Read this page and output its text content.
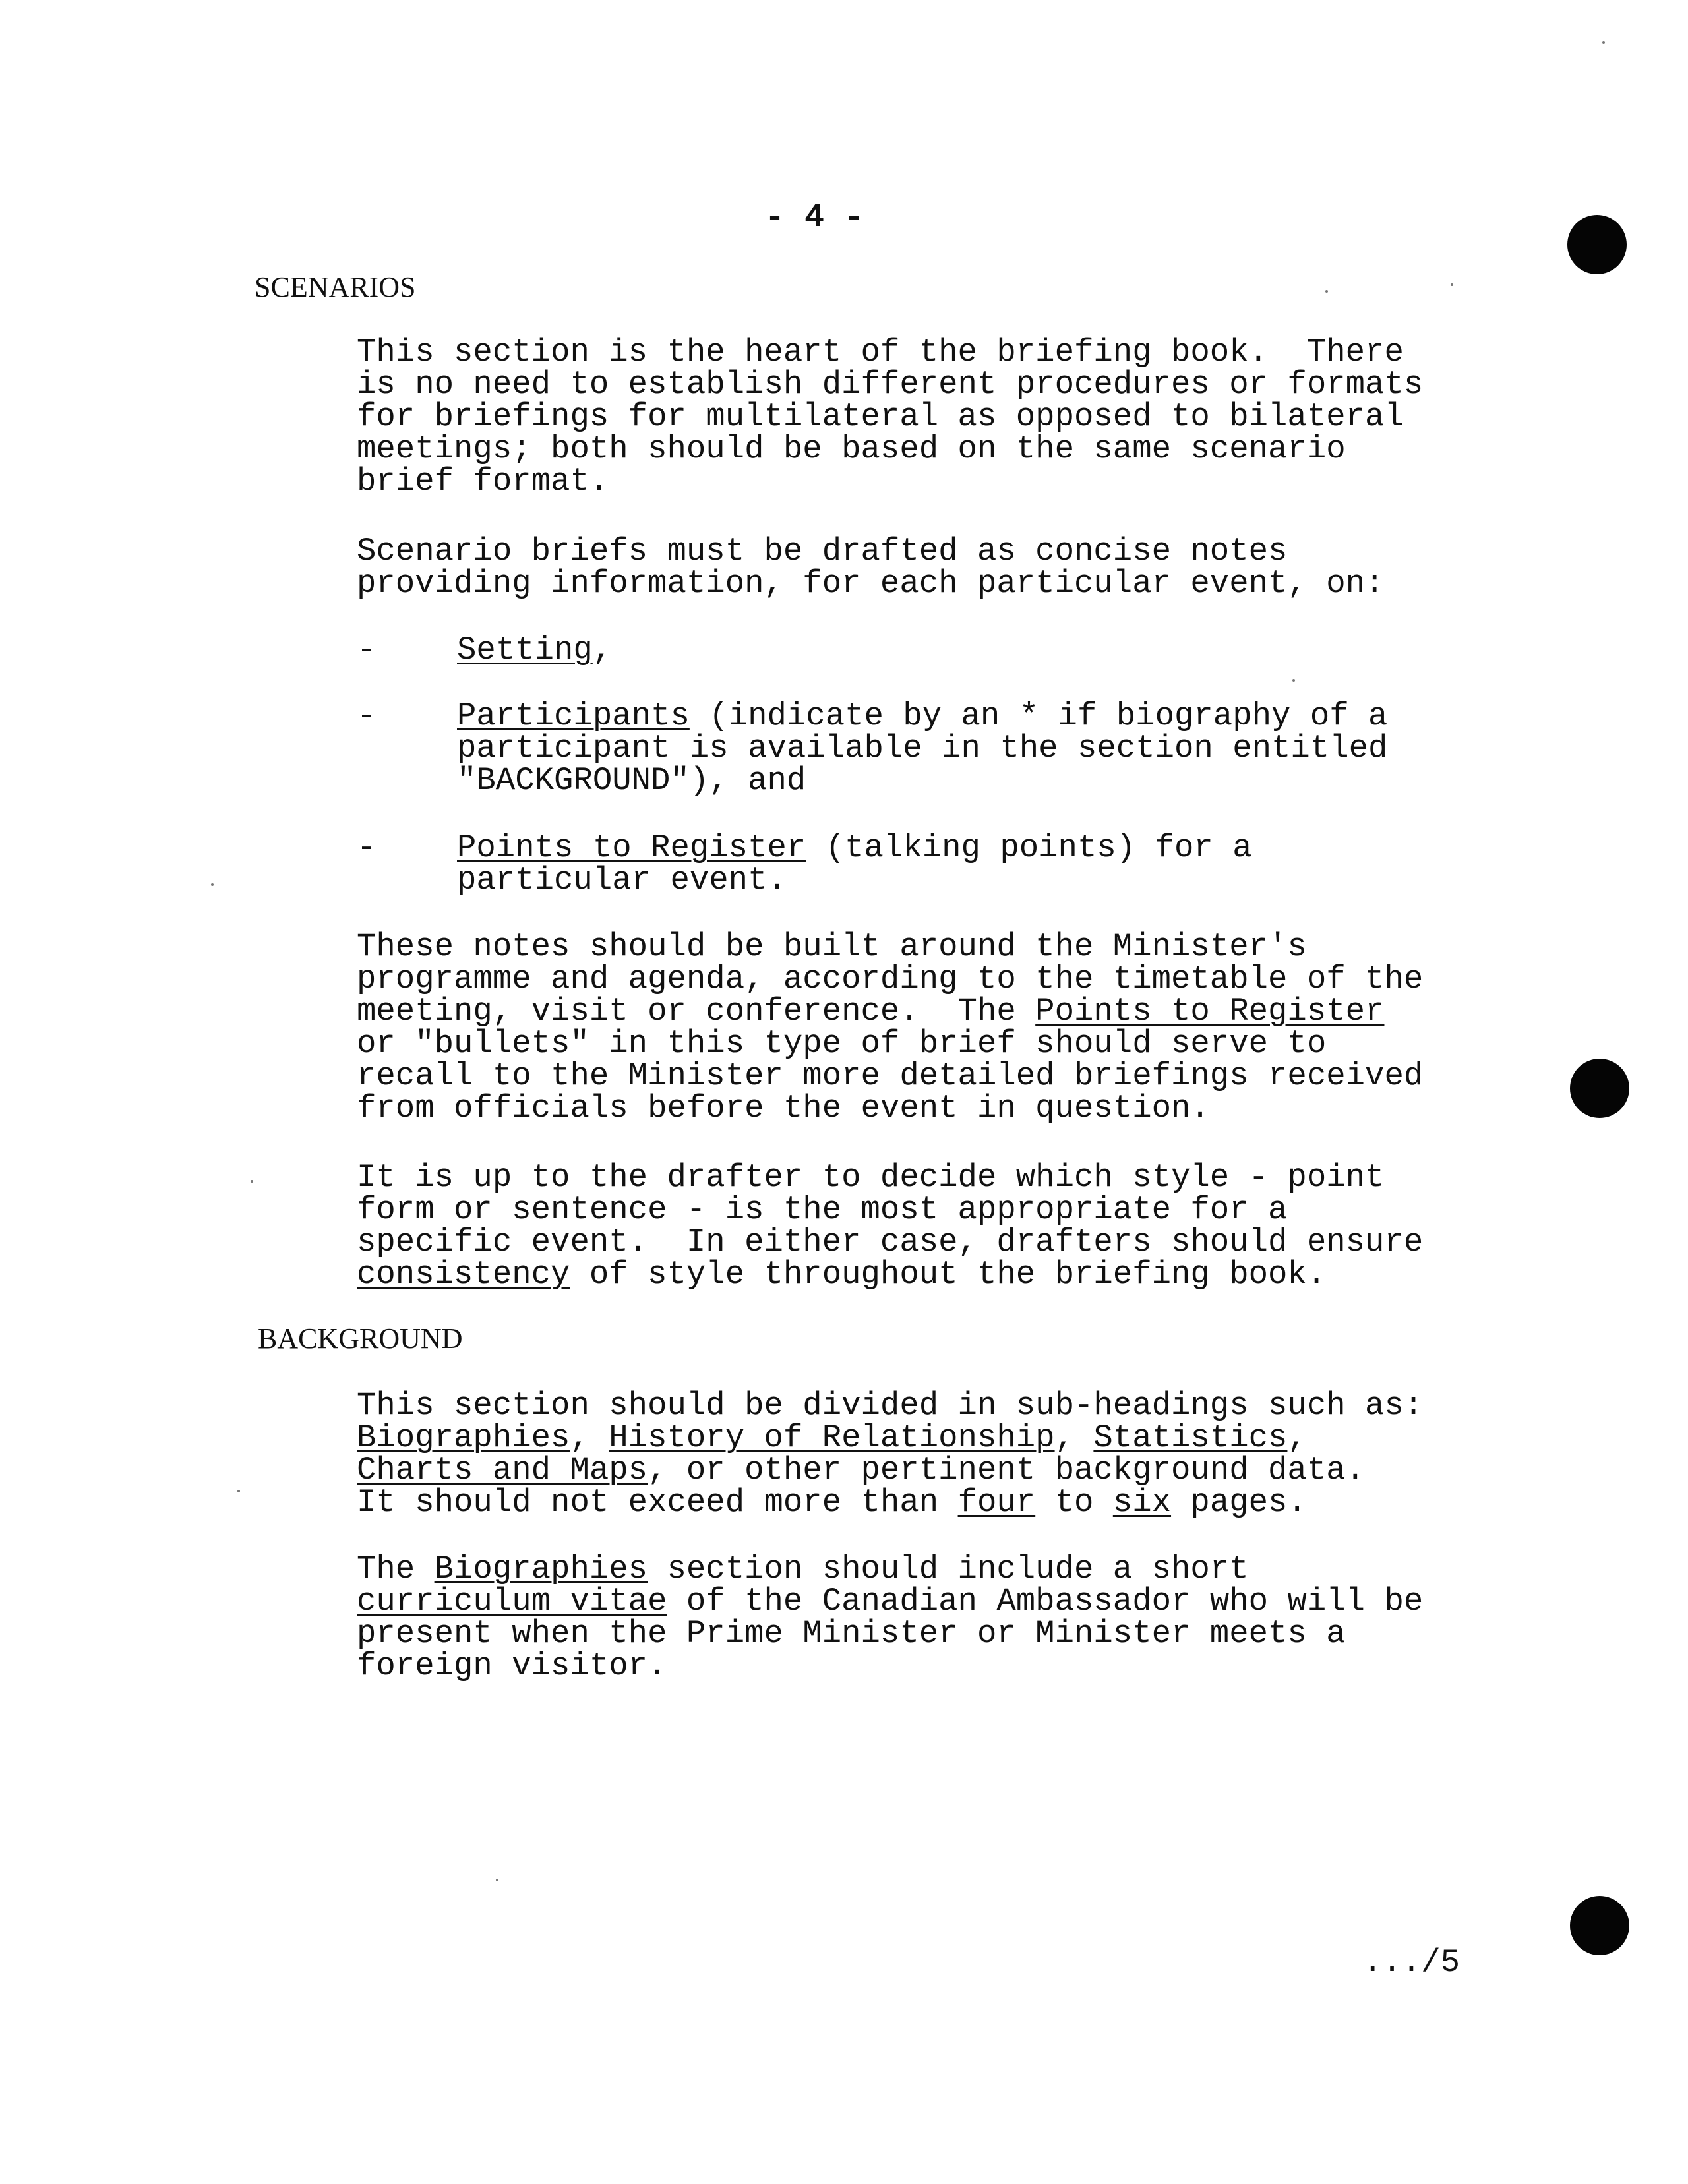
- 4 -
SCENARIOS
This section is the heart of the briefing book.  There
is no need to establish different procedures or formats
for briefings for multilateral as opposed to bilateral
meetings; both should be based on the same scenario
brief format.
Scenario briefs must be drafted as concise notes
providing information, for each particular event, on:
-	Setting,
-	Participants (indicate by an * if biography of a
participant is available in the section entitled
"BACKGROUND"), and
-	Points to Register (talking points) for a
particular event.
These notes should be built around the Minister's
programme and agenda, according to the timetable of the
meeting, visit or conference.  The Points to Register
or "bullets" in this type of brief should serve to
recall to the Minister more detailed briefings received
from officials before the event in question.
It is up to the drafter to decide which style - point
form or sentence - is the most appropriate for a
specific event.  In either case, drafters should ensure
consistency of style throughout the briefing book.
BACKGROUND
This section should be divided in sub-headings such as:
Biographies, History of Relationship, Statistics,
Charts and Maps, or other pertinent background data.
It should not exceed more than four to six pages.
The Biographies section should include a short
curriculum vitae of the Canadian Ambassador who will be
present when the Prime Minister or Minister meets a
foreign visitor.
.../5
